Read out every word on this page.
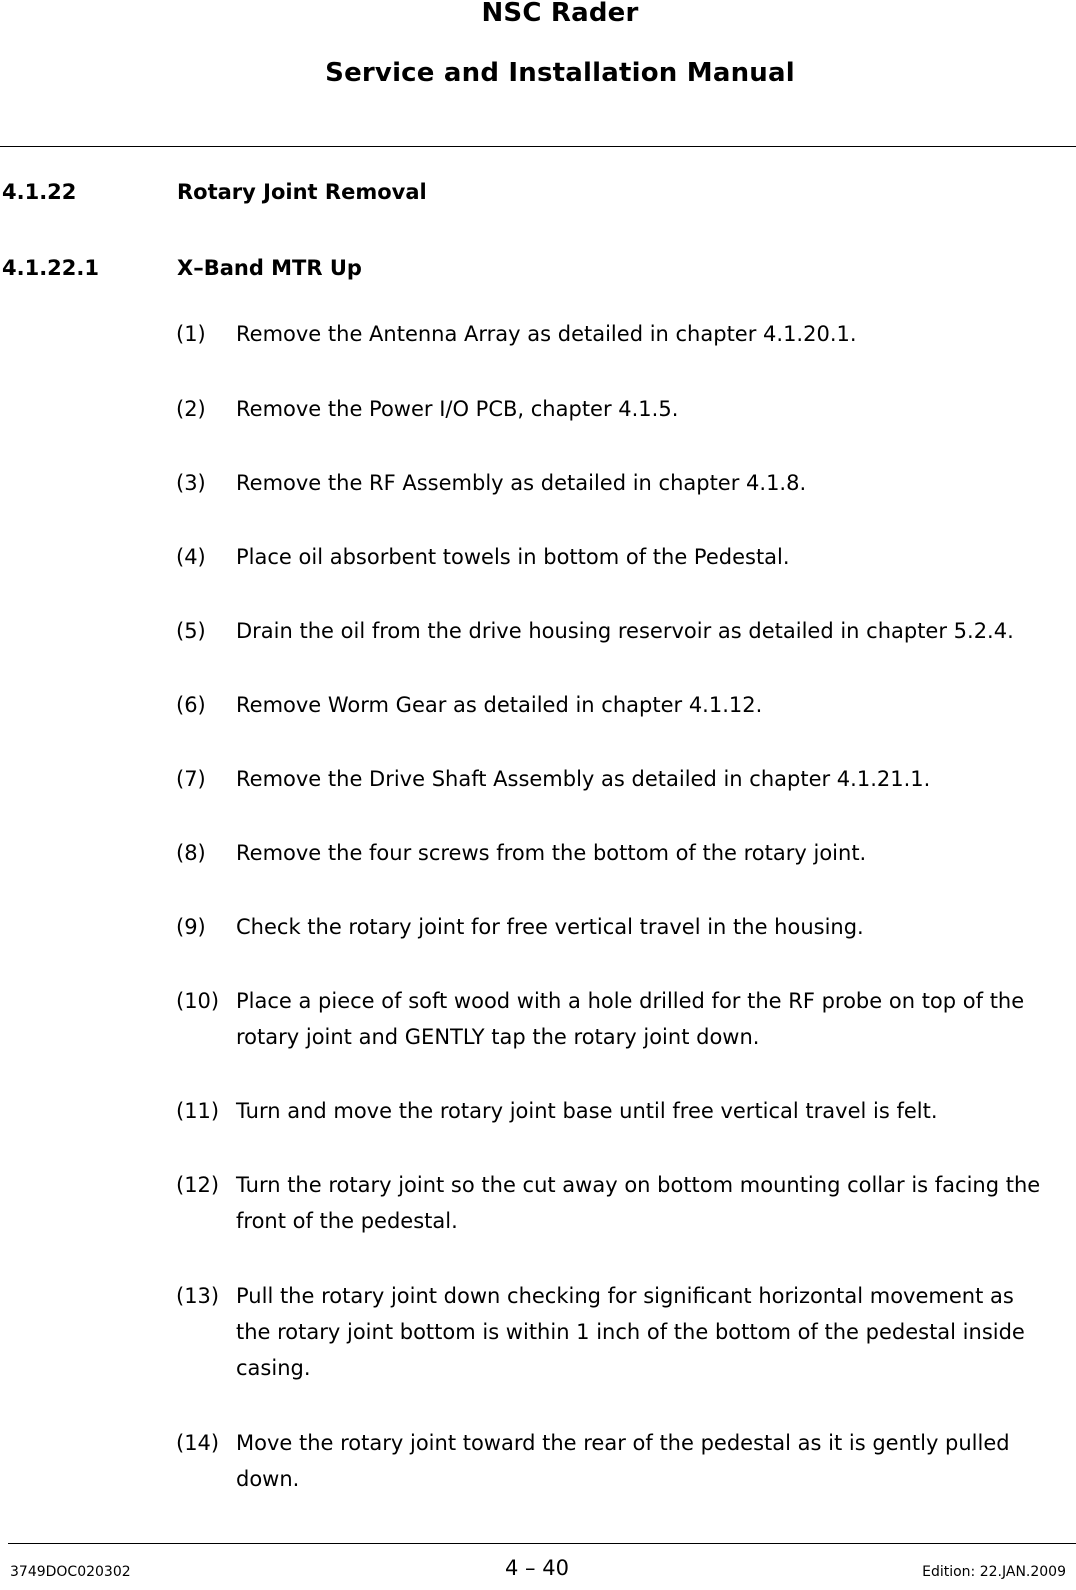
NSC Rader
Service and Installation Manual
4.1.22	Rotary Joint Removal
4.1.22.1	X–Band MTR Up
(1) Remove the Antenna Array as detailed in chapter 4.1.20.1.
(2) Remove the Power I/O PCB, chapter 4.1.5.
(3) Remove the RF Assembly as detailed in chapter 4.1.8.
(4) Place oil absorbent towels in bottom of the Pedestal.
(5) Drain the oil from the drive housing reservoir as detailed in chapter 5.2.4.
(6) Remove Worm Gear as detailed in chapter 4.1.12.
(7) Remove the Drive Shaft Assembly as detailed in chapter 4.1.21.1.
(8) Remove the four screws from the bottom of the rotary joint.
(9) Check the rotary joint for free vertical travel in the housing.
(10) Place a piece of soft wood with a hole drilled for the RF probe on top of the
rotary joint and GENTLY tap the rotary joint down.
(11) Turn and move the rotary joint base until free vertical travel is felt.
(12) Turn the rotary joint so the cut away on bottom mounting collar is facing the
front of the pedestal.
(13) Pull the rotary joint down checking for significant horizontal movement as
the rotary joint bottom is within 1 inch of the bottom of the pedestal inside
casing.
(14) Move the rotary joint toward the rear of the pedestal as it is gently pulled
down.
3749DOC020302	4 – 40	Edition: 22.JAN.2009
